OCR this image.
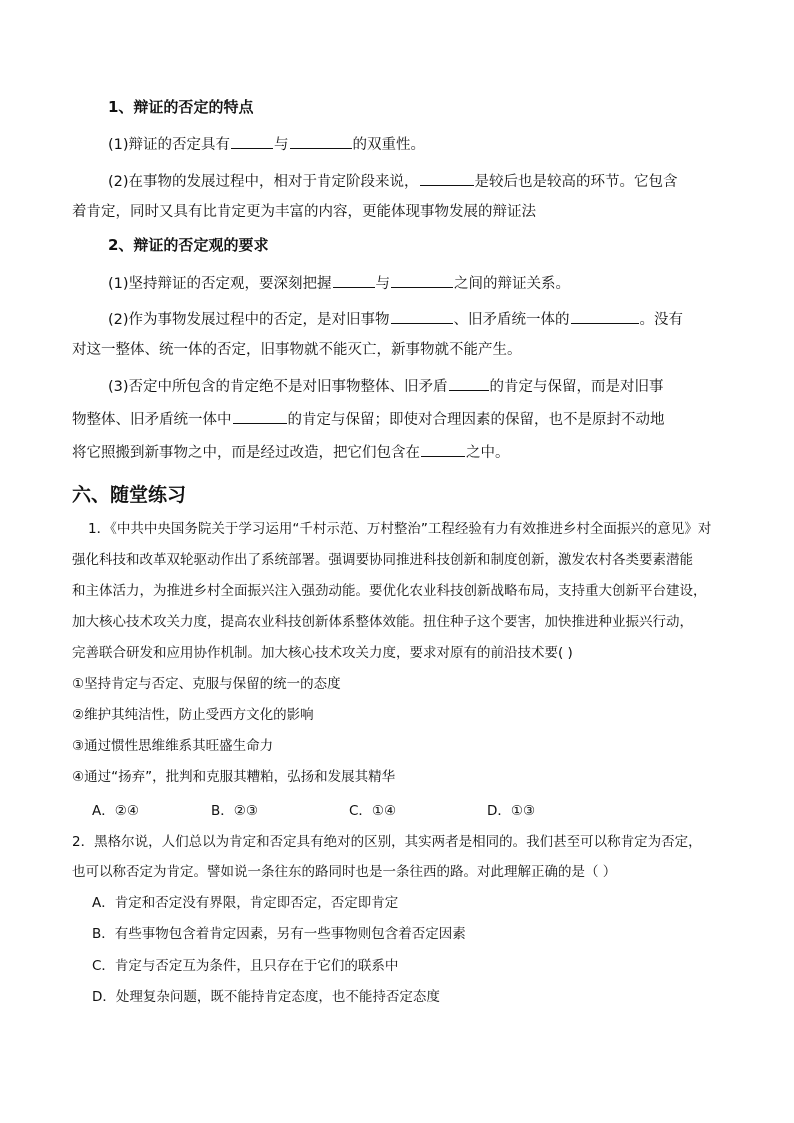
1、辩证的否定的特点
(1)辩证的否定具有	与	的双重性。
(2)在事物的发展过程中，相对于肯定阶段来说，	是较后也是较高的环节。它包含
着肯定，同时又具有比肯定更为丰富的内容，更能体现事物发展的辩证法
2、辩证的否定观的要求
(1)坚持辩证的否定观，要深刻把握	与	之间的辩证关系。
(2)作为事物发展过程中的否定，是对旧事物	、旧矛盾统一体的	。没有
对这一整体、统一体的否定，旧事物就不能灭亡，新事物就不能产生。
(3)否定中所包含的肯定绝不是对旧事物整体、旧矛盾	的肯定与保留，而是对旧事
物整体、旧矛盾统一体中	的肯定与保留；即使对合理因素的保留，也不是原封不动地
将它照搬到新事物之中，而是经过改造，把它们包含在	之中。
六、随堂练习
1．《中共中央国务院关于学习运用“千村示范、万村整治”工程经验有力有效推进乡村全面振兴的意见》对
强化科技和改革双轮驱动作出了系统部署。强调要协同推进科技创新和制度创新，激发农村各类要素潜能
和主体活力，为推进乡村全面振兴注入强劲动能。要优化农业科技创新战略布局，支持重大创新平台建设，
加大核心技术攻关力度，提高农业科技创新体系整体效能。扭住种子这个要害，加快推进种业振兴行动，
完善联合研发和应用协作机制。加大核心技术攻关力度，要求对原有的前沿技术要( )
①坚持肯定与否定、克服与保留的统一的态度
②维护其纯洁性，防止受西方文化的影响
③通过惯性思维维系其旺盛生命力
④通过“扬弃”，批判和克服其糟粕，弘扬和发展其精华
A．②④	B．②③	C．①④	D．①③
2．黑格尔说，人们总以为肯定和否定具有绝对的区别，其实两者是相同的。我们甚至可以称肯定为否定，
也可以称否定为肯定。譬如说一条往东的路同时也是一条往西的路。对此理解正确的是（ ）
A．肯定和否定没有界限，肯定即否定，否定即肯定
B．有些事物包含着肯定因素，另有一些事物则包含着否定因素
C．肯定与否定互为条件，且只存在于它们的联系中
D．处理复杂问题，既不能持肯定态度，也不能持否定态度
